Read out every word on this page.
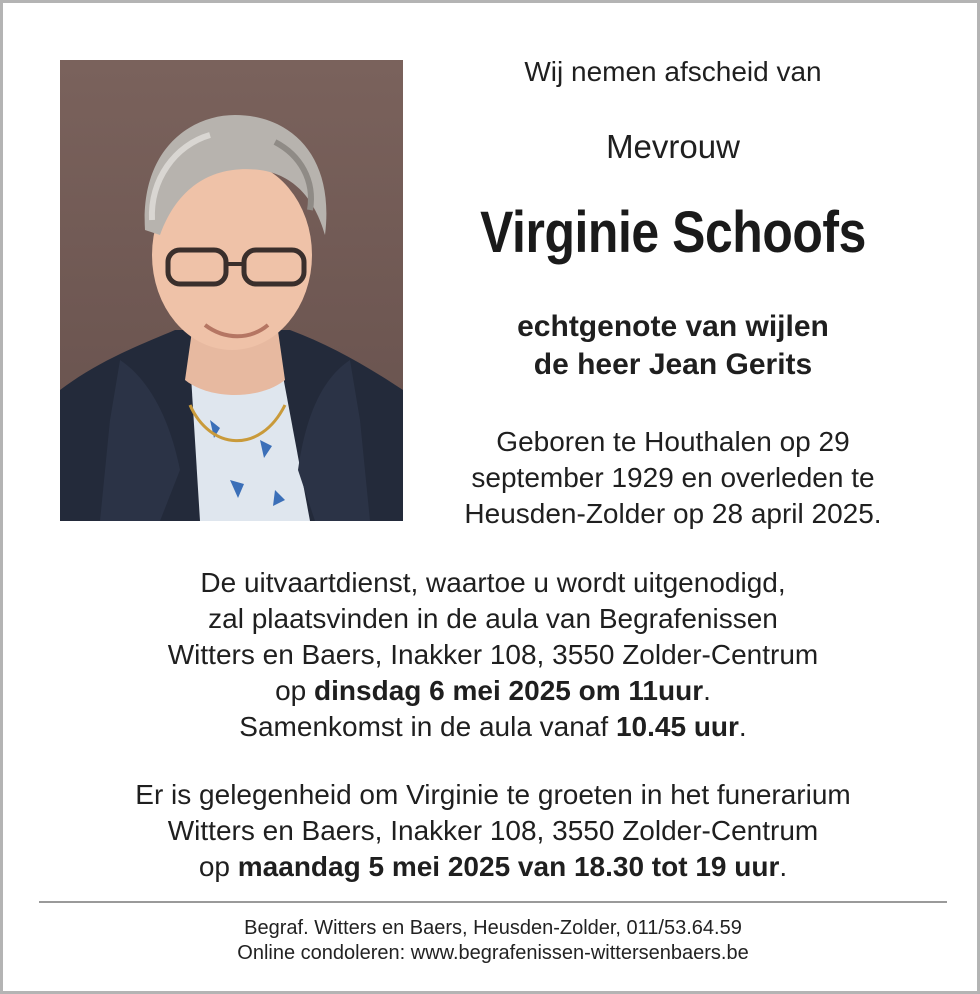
Wij nemen afscheid van
Mevrouw
Virginie Schoofs
echtgenote van wijlen
de heer Jean Gerits
Geboren te Houthalen op 29
september 1929 en overleden te
Heusden-Zolder op 28 april 2025.
De uitvaartdienst, waartoe u wordt uitgenodigd,
zal plaatsvinden in de aula van Begrafenissen
Witters en Baers, Inakker 108, 3550 Zolder-Centrum
op dinsdag 6 mei 2025 om 11uur.
Samenkomst in de aula vanaf 10.45 uur.
Er is gelegenheid om Virginie te groeten in het funerarium
Witters en Baers, Inakker 108, 3550 Zolder-Centrum
op maandag 5 mei 2025 van 18.30 tot 19 uur.
Begraf. Witters en Baers, Heusden-Zolder, 011/53.64.59
Online condoleren: www.begrafenissen-wittersenbaers.be
